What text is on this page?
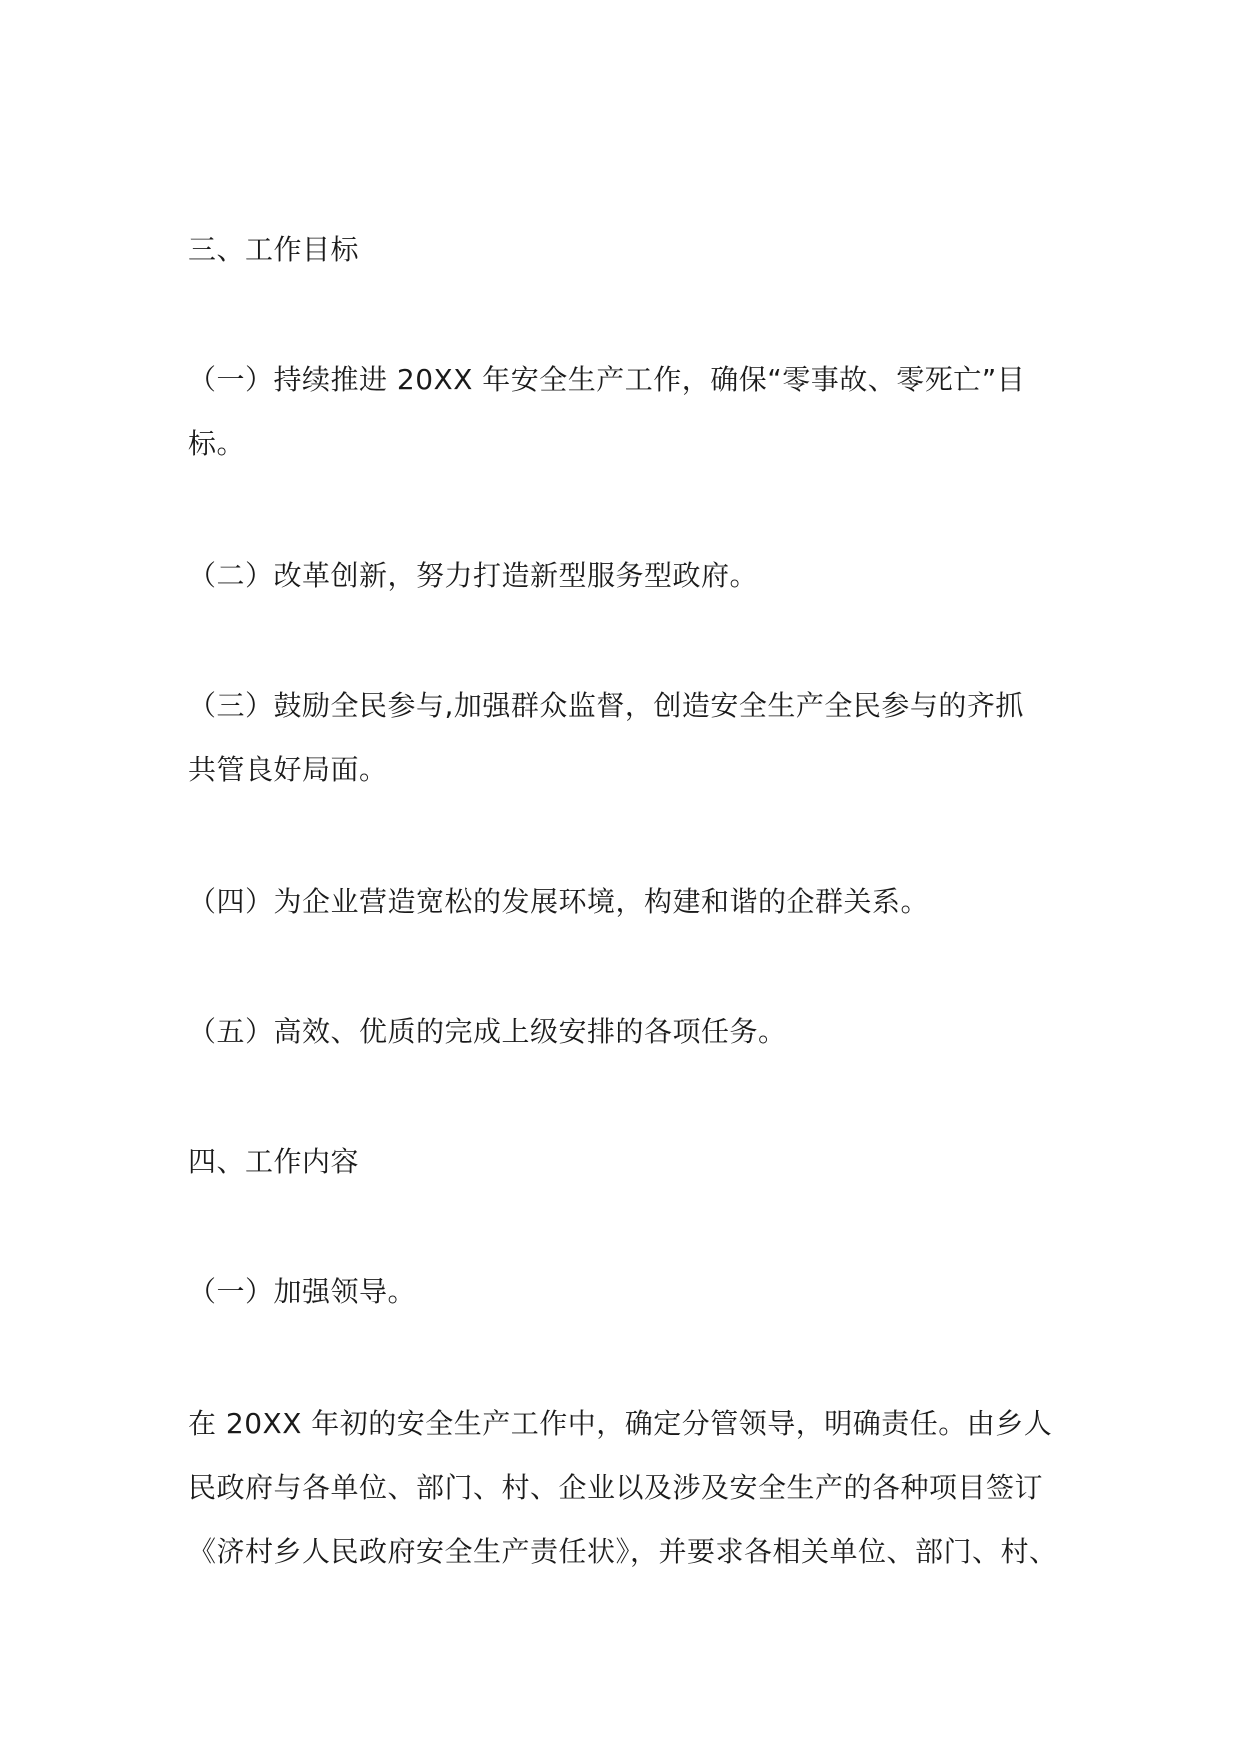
三、工作目标
（一）持续推进 20XX 年安全生产工作，确保“零事故、零死亡”目
标。
（二）改革创新，努力打造新型服务型政府。
（三）鼓励全民参与,加强群众监督，创造安全生产全民参与的齐抓
共管良好局面。
（四）为企业营造宽松的发展环境，构建和谐的企群关系。
（五）高效、优质的完成上级安排的各项任务。
四、工作内容
（一）加强领导。
在 20XX 年初的安全生产工作中，确定分管领导，明确责任。由乡人
民政府与各单位、部门、村、企业以及涉及安全生产的各种项目签订
《济村乡人民政府安全生产责任状》，并要求各相关单位、部门、村、
